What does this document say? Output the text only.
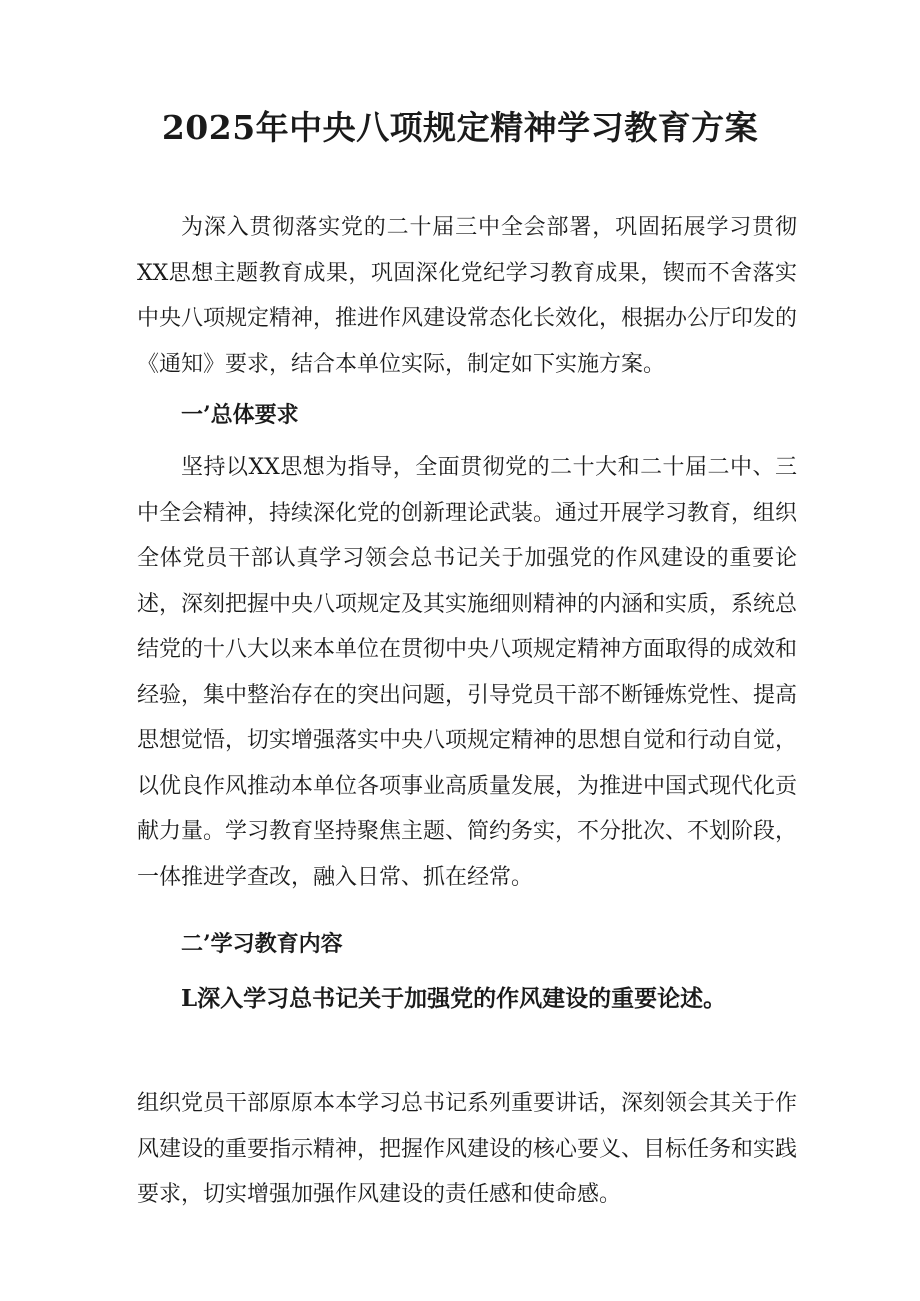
2025年中央八项规定精神学习教育方案

为深入贯彻落实党的二十届三中全会部署，巩固拓展学习贯彻XX思想主题教育成果，巩固深化党纪学习教育成果，锲而不舍落实中央八项规定精神，推进作风建设常态化长效化，根据办公厅印发的《通知》要求，结合本单位实际，制定如下实施方案。

一’总体要求

坚持以XX思想为指导，全面贯彻党的二十大和二十届二中、三中全会精神，持续深化党的创新理论武装。通过开展学习教育，组织全体党员干部认真学习领会总书记关于加强党的作风建设的重要论述，深刻把握中央八项规定及其实施细则精神的内涵和实质，系统总结党的十八大以来本单位在贯彻中央八项规定精神方面取得的成效和经验，集中整治存在的突出问题，引导党员干部不断锤炼党性、提高思想觉悟，切实增强落实中央八项规定精神的思想自觉和行动自觉，以优良作风推动本单位各项事业高质量发展，为推进中国式现代化贡献力量。学习教育坚持聚焦主题、简约务实，不分批次、不划阶段，一体推进学查改，融入日常、抓在经常。

二’学习教育内容
L深入学习总书记关于加强党的作风建设的重要论述。

组织党员干部原原本本学习总书记系列重要讲话，深刻领会其关于作风建设的重要指示精神，把握作风建设的核心要义、目标任务和实践要求，切实增强加强作风建设的责任感和使命感。
